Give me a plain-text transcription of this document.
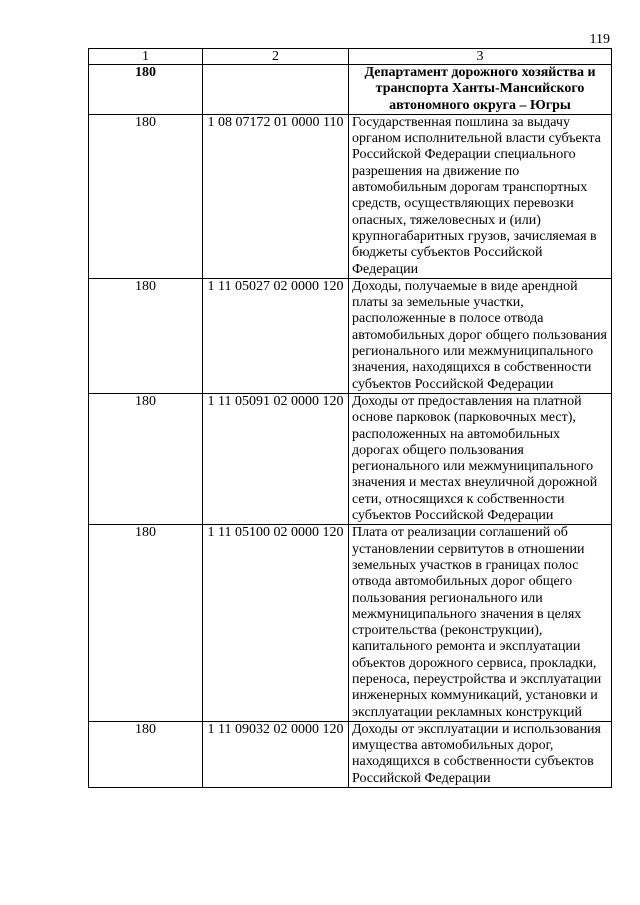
119
1	2	3
180		Департамент дорожного хозяйства и транспорта Ханты-Мансийского автономного округа – Югры
180	1 08 07172 01 0000 110	Государственная пошлина за выдачу органом исполнительной власти субъекта Российской Федерации специального разрешения на движение по автомобильным дорогам транспортных средств, осуществляющих перевозки опасных, тяжеловесных и (или) крупногабаритных грузов, зачисляемая в бюджеты субъектов Российской Федерации
180	1 11 05027 02 0000 120	Доходы, получаемые в виде арендной платы за земельные участки, расположенные в полосе отвода автомобильных дорог общего пользования регионального или межмуниципального значения, находящихся в собственности субъектов Российской Федерации
180	1 11 05091 02 0000 120	Доходы от предоставления на платной основе парковок (парковочных мест), расположенных на автомобильных дорогах общего пользования регионального или межмуниципального значения и местах внеуличной дорожной сети, относящихся к собственности субъектов Российской Федерации
180	1 11 05100 02 0000 120	Плата от реализации соглашений об установлении сервитутов в отношении земельных участков в границах полос отвода автомобильных дорог общего пользования регионального или межмуниципального значения в целях строительства (реконструкции), капитального ремонта и эксплуатации объектов дорожного сервиса, прокладки, переноса, переустройства и эксплуатации инженерных коммуникаций, установки и эксплуатации рекламных конструкций
180	1 11 09032 02 0000 120	Доходы от эксплуатации и использования имущества автомобильных дорог, находящихся в собственности субъектов Российской Федерации
